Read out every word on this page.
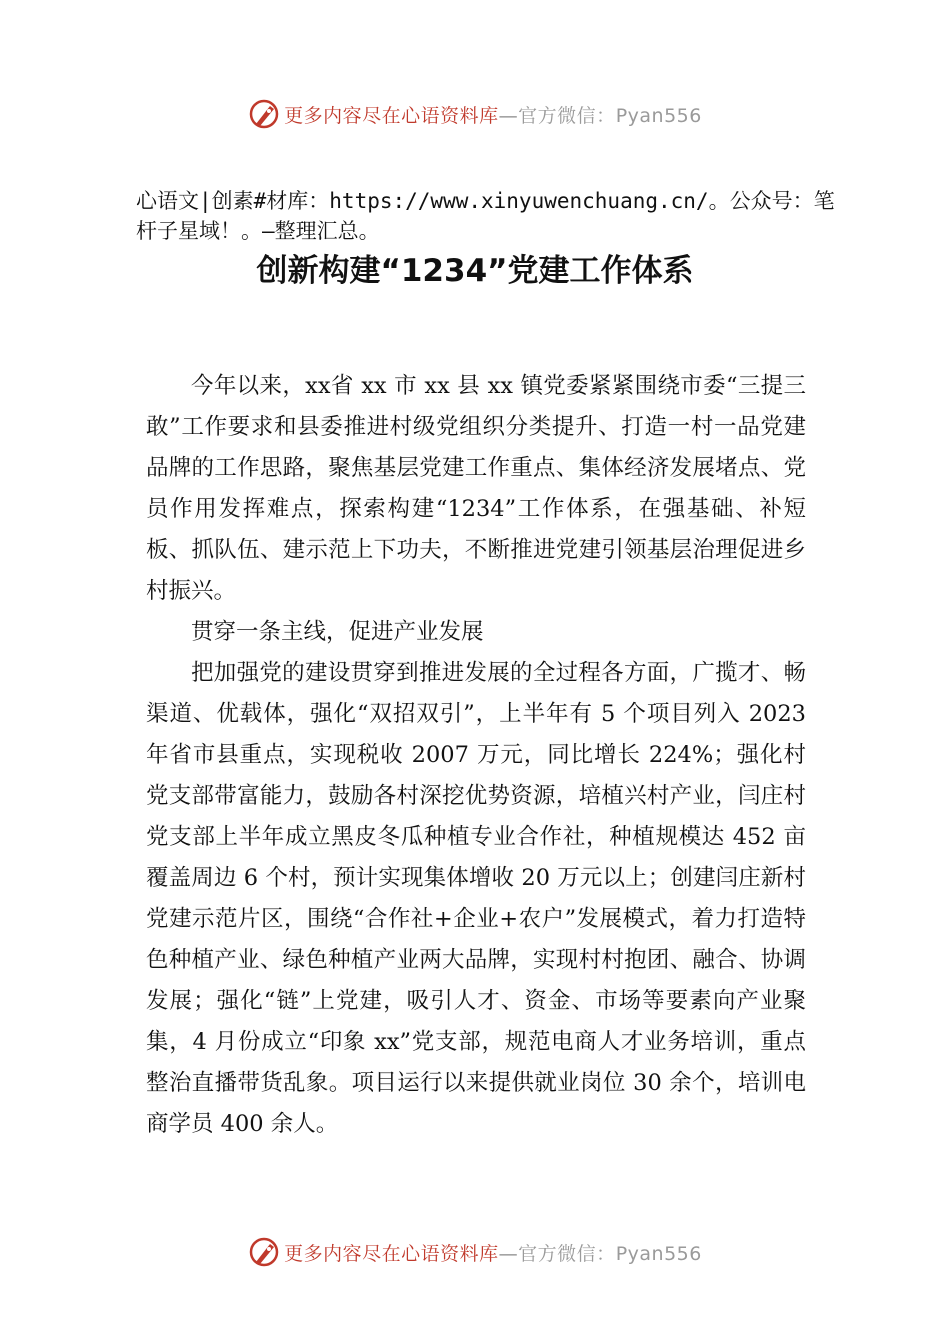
更多内容尽在心语资料库—官方微信：Pyan556

心语文|创素#材库：https://www.xinyuwenchuang.cn/。公众号：笔杆子星域！。—整理汇总。

创新构建“1234”党建工作体系

今年以来，xx省 xx 市 xx 县 xx 镇党委紧紧围绕市委“三提三敢”工作要求和县委推进村级党组织分类提升、打造一村一品党建品牌的工作思路，聚焦基层党建工作重点、集体经济发展堵点、党员作用发挥难点，探索构建“1234”工作体系，在强基础、补短板、抓队伍、建示范上下功夫，不断推进党建引领基层治理促进乡村振兴。

贯穿一条主线，促进产业发展

把加强党的建设贯穿到推进发展的全过程各方面，广揽才、畅渠道、优载体，强化“双招双引”，上半年有 5 个项目列入 2023 年省市县重点，实现税收 2007 万元，同比增长 224%；强化村党支部带富能力，鼓励各村深挖优势资源，培植兴村产业，闫庄村党支部上半年成立黑皮冬瓜种植专业合作社，种植规模达 452 亩覆盖周边 6 个村，预计实现集体增收 20 万元以上；创建闫庄新村党建示范片区，围绕“合作社+企业+农户”发展模式，着力打造特色种植产业、绿色种植产业两大品牌，实现村村抱团、融合、协调发展；强化“链”上党建，吸引人才、资金、市场等要素向产业聚集，4 月份成立“印象 xx”党支部，规范电商人才业务培训，重点整治直播带货乱象。项目运行以来提供就业岗位 30 余个，培训电商学员 400 余人。

更多内容尽在心语资料库—官方微信：Pyan556
